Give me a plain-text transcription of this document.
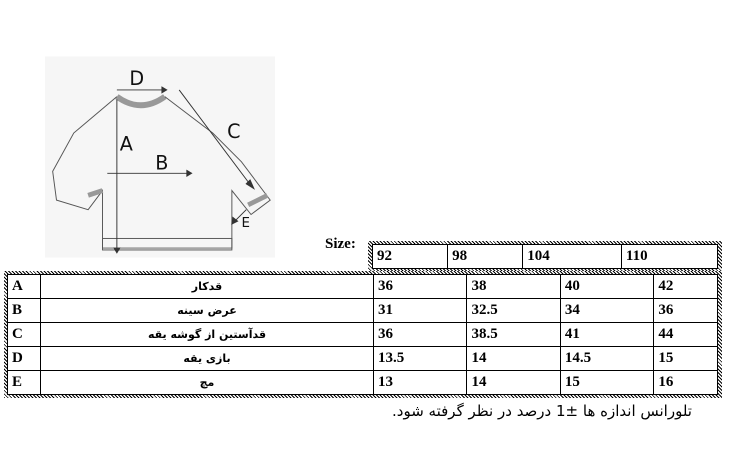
D
A
B
C
E
Size:
92	98	104	110
A	قدکار	36	38	40	42
B	عرض سینه	31	32.5	34	36
C	قدآستین از گوشه یقه	36	38.5	41	44
D	بازی یقه	13.5	14	14.5	15
E	مچ	13	14	15	16
تلورانس اندازه ها ±1 درصد در نظر گرفته شود.
